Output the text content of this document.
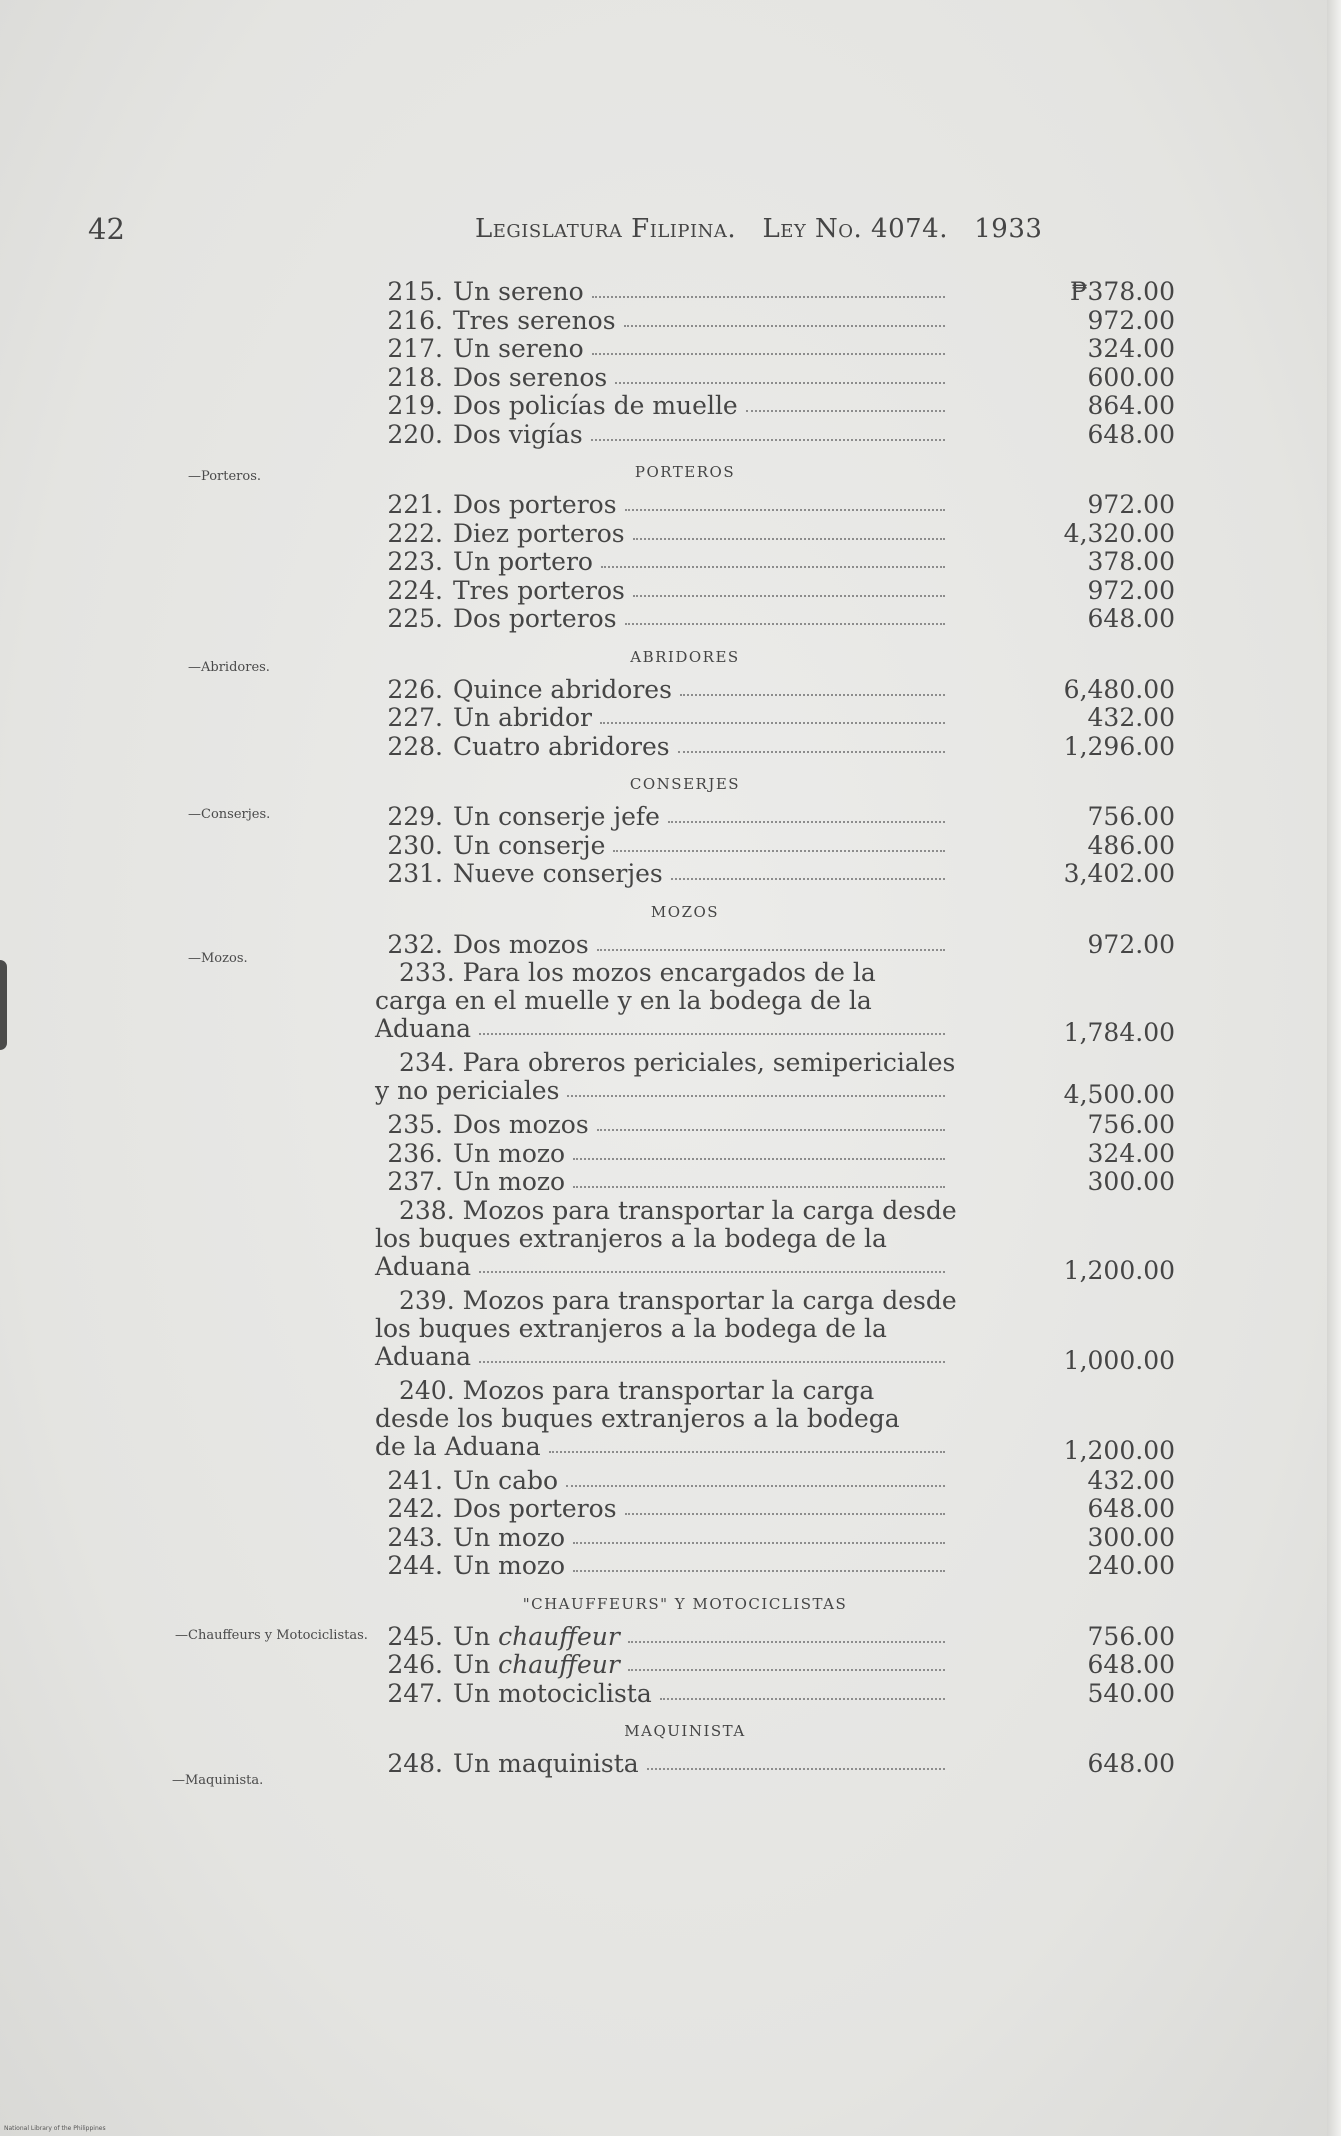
42	Legislatura Filipina. Ley No. 4074. 1933
—Porteros.
—Abridores.
—Conserjes.
—Mozos.
—Chauffeurs y Motociclistas.
—Maquinista.
215. Un sereno	₱378.00
216. Tres serenos	972.00
217. Un sereno	324.00
218. Dos serenos	600.00
219. Dos policías de muelle	864.00
220. Dos vigías	648.00
PORTEROS
221. Dos porteros	972.00
222. Diez porteros	4,320.00
223. Un portero	378.00
224. Tres porteros	972.00
225. Dos porteros	648.00
ABRIDORES
226. Quince abridores	6,480.00
227. Un abridor	432.00
228. Cuatro abridores	1,296.00
CONSERJES
229. Un conserje jefe	756.00
230. Un conserje	486.00
231. Nueve conserjes	3,402.00
MOZOS
232. Dos mozos	972.00
233. Para los mozos encargados de la
carga en el muelle y en la bodega de la
Aduana	1,784.00
234. Para obreros periciales, semipericiales
y no periciales	4,500.00
235. Dos mozos	756.00
236. Un mozo	324.00
237. Un mozo	300.00
238. Mozos para transportar la carga desde
los buques extranjeros a la bodega de la
Aduana	1,200.00
239. Mozos para transportar la carga desde
los buques extranjeros a la bodega de la
Aduana	1,000.00
240. Mozos para transportar la carga
desde los buques extranjeros a la bodega
de la Aduana	1,200.00
241. Un cabo	432.00
242. Dos porteros	648.00
243. Un mozo	300.00
244. Un mozo	240.00
"CHAUFFEURS" Y MOTOCICLISTAS
245. Un chauffeur	756.00
246. Un chauffeur	648.00
247. Un motociclista	540.00
MAQUINISTA
248. Un maquinista	648.00
National Library of the Philippines
